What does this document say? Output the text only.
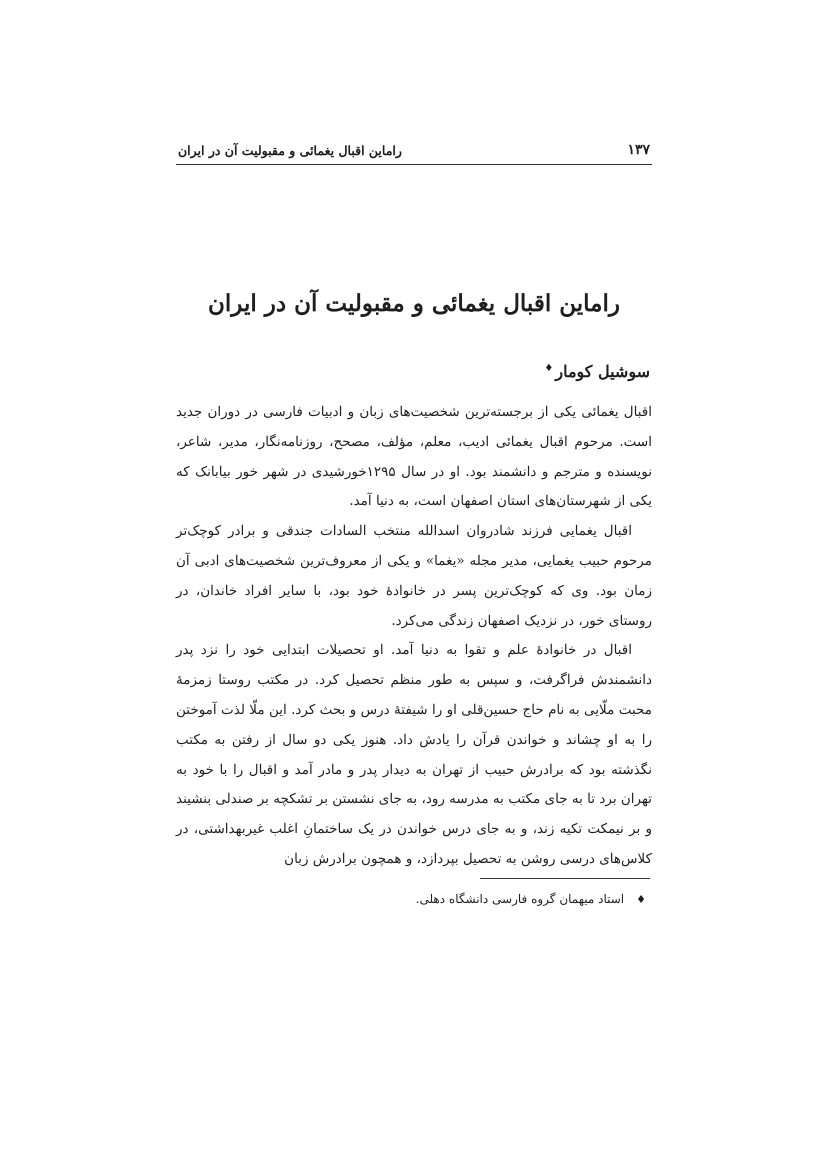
۱۳۷
راماین اقبال یغمائی و مقبولیت آن در ایران
راماین اقبال یغمائی و مقبولیت آن در ایران
سوشیل کومار♦

اقبال یغمائی یکی از برجسته‌ترین شخصیت‌های زبان و ادبیات فارسی در دوران جدید است. مرحوم اقبال یغمائی ادیب، معلم، مؤلف، مصحح، روزنامه‌نگار، مدیر، شاعر، نویسنده و مترجم و دانشمند بود. او در سال ۱۲۹۵خورشیدی در شهر خور بیابانک که یکی از شهرستان‌های استان اصفهان است، به دنیا آمد.

اقبال یغمایی فرزند شادروان اسدالله منتخب السادات جندقی و برادر کوچک‌تر مرحوم حبیب یغمایی، مدیر مجله «یغما» و یکی از معروف‌ترین شخصیت‌های ادبی آن زمان بود. وی که کوچک‌ترین پسر در خانوادۀ خود بود، با سایر افراد خاندان، در روستای خور، در نزدیک اصفهان زندگی می‌کرد.

اقبال در خانوادۀ علم و تقوا به دنیا آمد. او تحصیلات ابتدایی خود را نزد پدر دانشمندش فراگرفت، و سپس به طور منظم تحصیل کرد. در مکتب روستا زمزمۀ محبت ملّایی به نام حاج حسین‌قلی او را شیفتۀ درس و بحث کرد. این ملّا لذت آموختن را به او چشاند و خواندن قرآن را یادش داد. هنوز یکی دو سال از رفتن به مکتب نگذشته بود که برادرش حبیب از تهران به دیدار پدر و مادر آمد و اقبال را با خود به تهران برد تا به جای مکتب به مدرسه رود، به جای نشستن بر تشکچه بر صندلی بنشیند و بر نیمکت تکیه زند، و به جای درس خواندن در یک ساختمانِ اغلب غیربهداشتی، در کلاس‌های درسی روشن به تحصیل بپردازد، و همچون برادرش زبان

♦استاد میهمان گروه فارسی دانشگاه دهلی.
